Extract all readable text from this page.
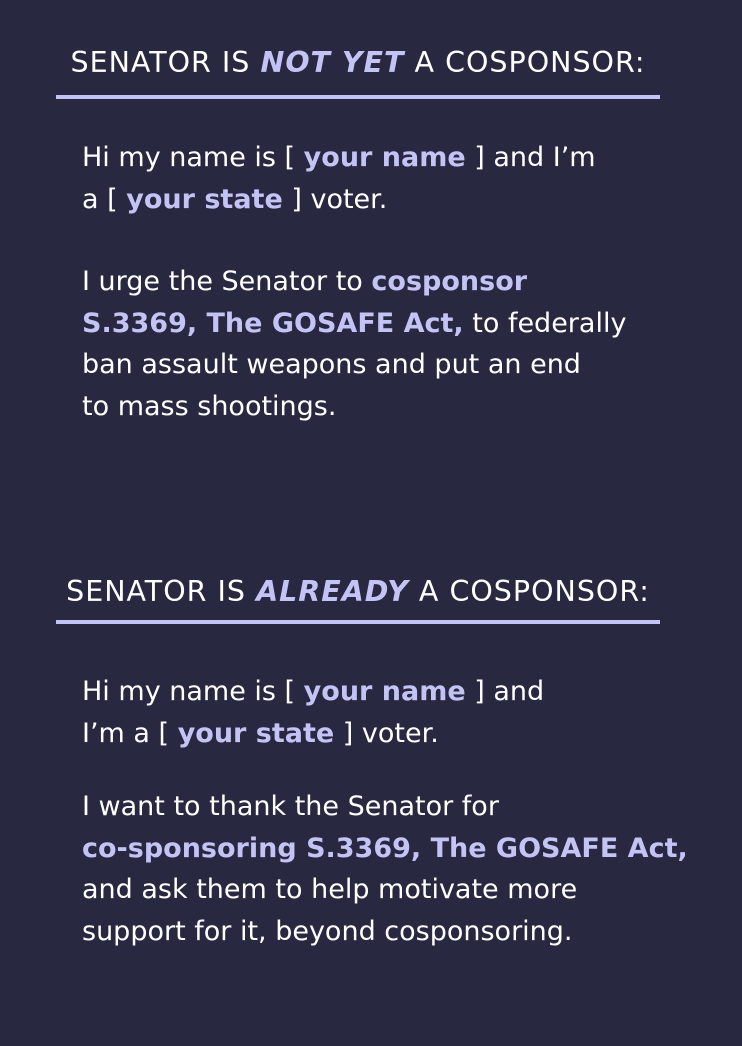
SENATOR IS NOT YET A COSPONSOR:

Hi my name is [ your name ] and I’m
a [ your state ] voter.

I urge the Senator to cosponsor
S.3369, The GOSAFE Act, to federally
ban assault weapons and put an end
to mass shootings.

SENATOR IS ALREADY A COSPONSOR:

Hi my name is [ your name ] and
I’m a [ your state ] voter.

I want to thank the Senator for
co-sponsoring S.3369, The GOSAFE Act,
and ask them to help motivate more
support for it, beyond cosponsoring.
